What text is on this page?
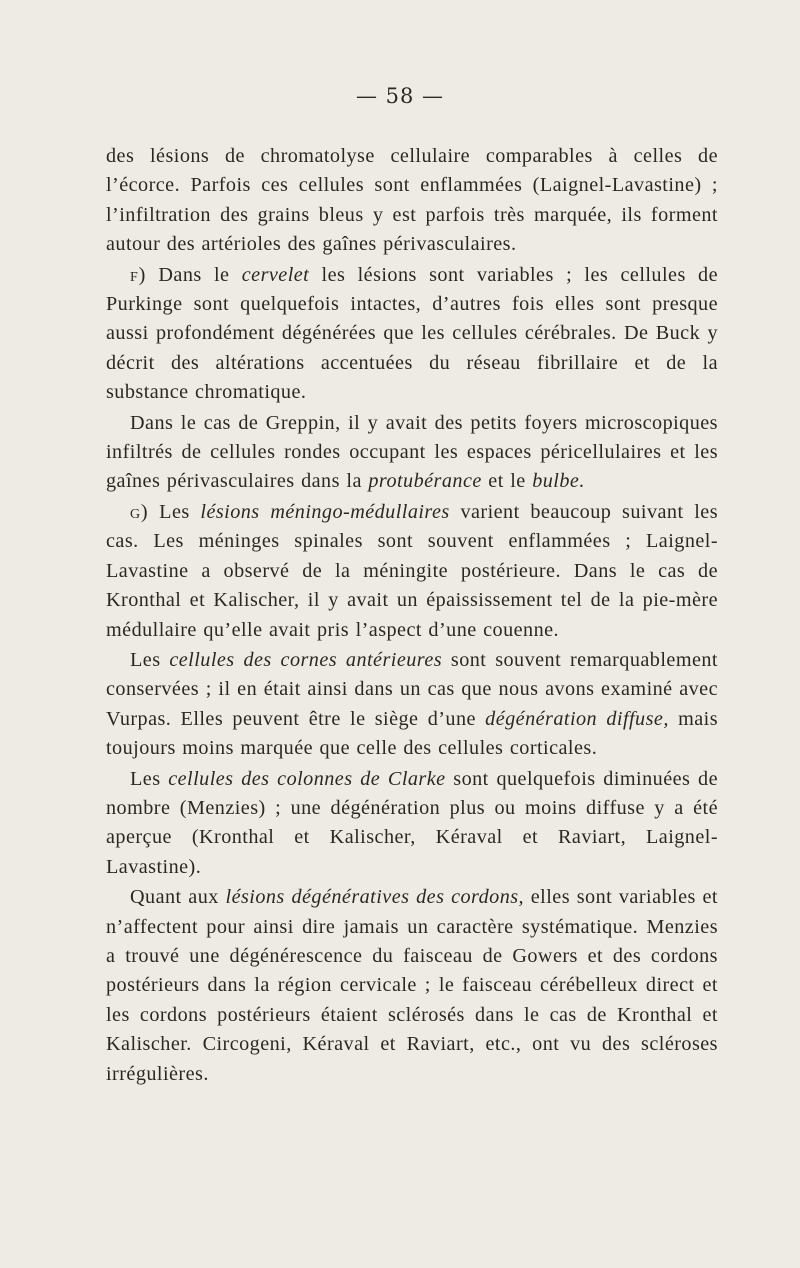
— 58 —

des lésions de chromatolyse cellulaire comparables à celles de l’écorce. Parfois ces cellules sont enflammées (Laignel-Lavastine) ; l’infiltration des grains bleus y est parfois très marquée, ils forment autour des artérioles des gaînes périvasculaires.

f) Dans le cervelet les lésions sont variables ; les cellules de Purkinge sont quelquefois intactes, d’autres fois elles sont presque aussi profondément dégénérées que les cellules cérébrales. De Buck y décrit des altérations accentuées du réseau fibrillaire et de la substance chromatique.

Dans le cas de Greppin, il y avait des petits foyers microscopiques infiltrés de cellules rondes occupant les espaces péricellulaires et les gaînes périvasculaires dans la protubérance et le bulbe.

g) Les lésions méningo-médullaires varient beaucoup suivant les cas. Les méninges spinales sont souvent enflammées ; Laignel-Lavastine a observé de la méningite postérieure. Dans le cas de Kronthal et Kalischer, il y avait un épaississement tel de la pie-mère médullaire qu’elle avait pris l’aspect d’une couenne.

Les cellules des cornes antérieures sont souvent remarquablement conservées ; il en était ainsi dans un cas que nous avons examiné avec Vurpas. Elles peuvent être le siège d’une dégénération diffuse, mais toujours moins marquée que celle des cellules corticales.

Les cellules des colonnes de Clarke sont quelquefois diminuées de nombre (Menzies) ; une dégénération plus ou moins diffuse y a été aperçue (Kronthal et Kalischer, Kéraval et Raviart, Laignel-Lavastine).

Quant aux lésions dégénératives des cordons, elles sont variables et n’affectent pour ainsi dire jamais un caractère systématique. Menzies a trouvé une dégénérescence du faisceau de Gowers et des cordons postérieurs dans la région cervicale ; le faisceau cérébelleux direct et les cordons postérieurs étaient sclérosés dans le cas de Kronthal et Kalischer. Circogeni, Kéraval et Raviart, etc., ont vu des scléroses irrégulières.
